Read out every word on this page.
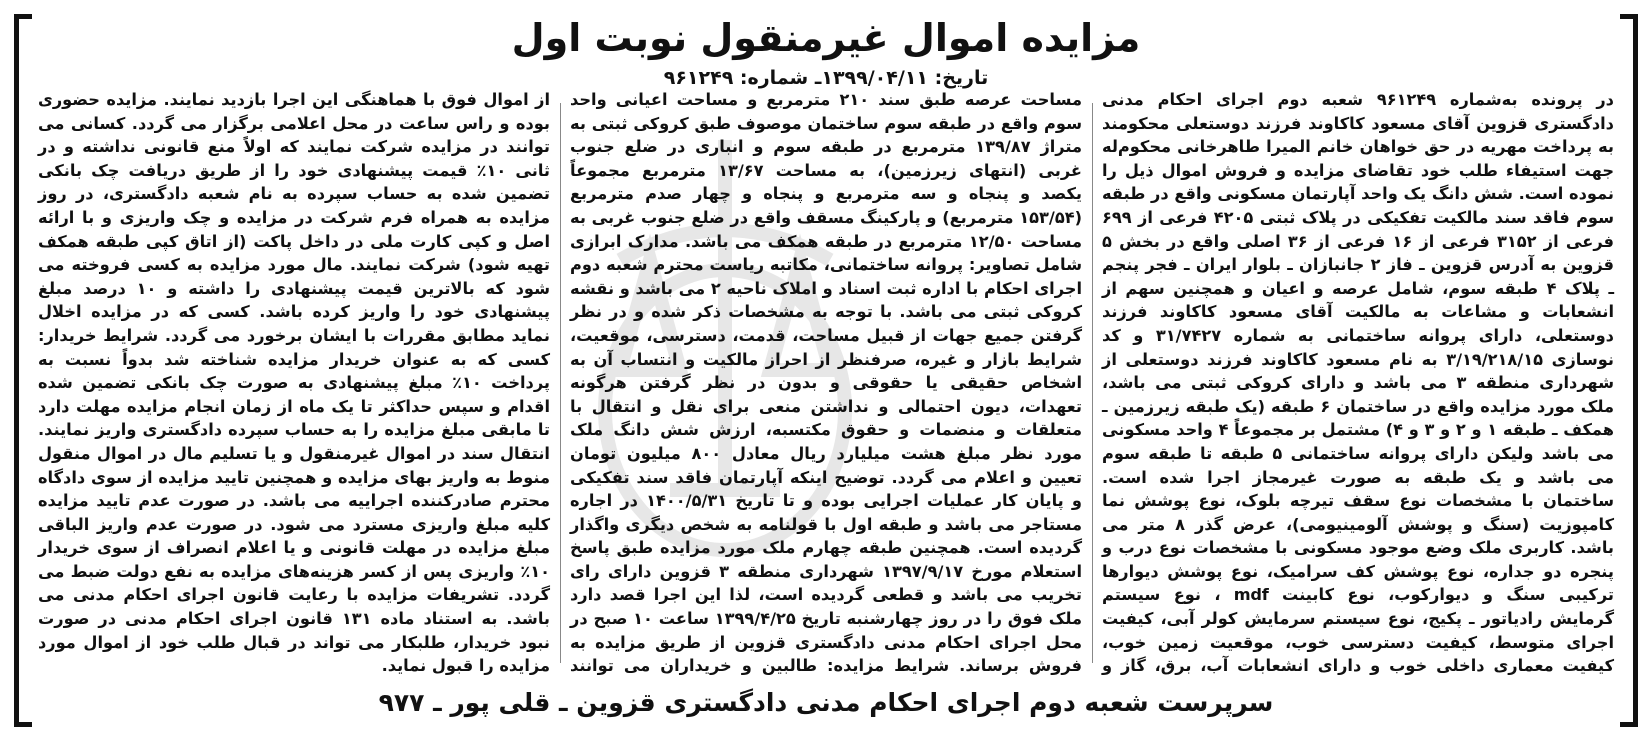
مزایده اموال غیرمنقول نوبت اول
تاریخ: ۱۳۹۹/۰۴/۱۱ـ شماره: ۹۶۱۲۴۹
در پرونده به‌شماره ۹۶۱۲۴۹ شعبه دوم اجرای احکام مدنی دادگستری قزوین آقای مسعود کاکاوند فرزند دوستعلی محکومند به پرداخت مهریه در حق خواهان خانم المیرا طاهرخانی محکوم‌له جهت استیفاء طلب خود تقاضای مزایده و فروش اموال ذیل را نموده است. شش دانگ یک واحد آپارتمان مسکونی واقع در طبقه سوم فاقد سند مالکیت تفکیکی در پلاک ثبتی ۴۲۰۵ فرعی از ۶۹۹ فرعی از ۳۱۵۲ فرعی از ۱۶ فرعی از ۳۶ اصلی واقع در بخش ۵ قزوین به آدرس قزوین ـ فاز ۲ جانبازان ـ بلوار ایران ـ فجر پنجم ـ پلاک ۴ طبقه سوم، شامل عرصه و اعیان و همچنین سهم از انشعابات و مشاعات به مالکیت آقای مسعود کاکاوند فرزند دوستعلی، دارای پروانه ساختمانی به شماره ۳۱/۷۴۲۷ و کد نوسازی ۳/۱۹/۲۱۸/۱۵ به نام مسعود کاکاوند فرزند دوستعلی از شهرداری منطقه ۳ می باشد و دارای کروکی ثبتی می باشد، ملک مورد مزایده واقع در ساختمان ۶ طبقه (یک طبقه زیرزمین ـ همکف ـ طبقه ۱ و ۲ و ۳ و ۴) مشتمل بر مجموعاً ۴ واحد مسکونی می باشد ولیکن دارای پروانه ساختمانی ۵ طبقه تا طبقه سوم می باشد و یک طبقه به صورت غیرمجاز اجرا شده است. ساختمان با مشخصات نوع سقف تیرچه بلوک، نوع پوشش نما کامپوزیت (سنگ و پوشش آلومینیومی)، عرض گذر ۸ متر می باشد. کاربری ملک وضع موجود مسکونی با مشخصات نوع درب و پنجره دو جداره، نوع پوشش کف سرامیک، نوع پوشش دیوارها ترکیبی سنگ و دیوارکوب، نوع کابینت mdf ، نوع سیستم گرمایش رادیاتور ـ پکیج، نوع سیستم سرمایش کولر آبی، کیفیت اجرای متوسط، کیفیت دسترسی خوب، موقعیت زمین خوب، کیفیت معماری داخلی خوب و دارای انشعابات آب، برق، گاز و
مساحت عرصه طبق سند ۲۱۰ مترمربع و مساحت اعیانی واحد سوم واقع در طبقه سوم ساختمان موصوف طبق کروکی ثبتی به متراژ ۱۳۹/۸۷ مترمربع در طبقه سوم و انباری در ضلع جنوب غربی (انتهای زیرزمین)، به مساحت ۱۳/۶۷ مترمربع مجموعاً یکصد و پنجاه و سه مترمربع و پنجاه و چهار صدم مترمربع (۱۵۳/۵۴ مترمربع) و پارکینگ مسقف واقع در ضلع جنوب غربی به مساحت ۱۲/۵۰ مترمربع در طبقه همکف می باشد. مدارک ابرازی شامل تصاویر: پروانه ساختمانی، مکاتبه ریاست محترم شعبه دوم اجرای احکام با اداره ثبت اسناد و املاک ناحیه ۲ می باشد و نقشه کروکی ثبتی می باشد. با توجه به مشخصات ذکر شده و در نظر گرفتن جمیع جهات از قبیل مساحت، قدمت، دسترسی، موقعیت، شرایط بازار و غیره، صرفنظر از احراز مالکیت و انتساب آن به اشخاص حقیقی یا حقوقی و بدون در نظر گرفتن هرگونه تعهدات، دیون احتمالی و نداشتن منعی برای نقل و انتقال با متعلقات و منضمات و حقوق مکتسبه، ارزش شش دانگ ملک مورد نظر مبلغ هشت میلیارد ریال معادل ۸۰۰ میلیون تومان تعیین و اعلام می گردد. توضیح اینکه آپارتمان فاقد سند تفکیکی و پایان کار عملیات اجرایی بوده و تا تاریخ ۱۴۰۰/۵/۳۱ در اجاره مستاجر می باشد و طبقه اول با قولنامه به شخص دیگری واگذار گردیده است. همچنین طبقه چهارم ملک مورد مزایده طبق پاسخ استعلام مورخ ۱۳۹۷/۹/۱۷ شهرداری منطقه ۳ قزوین دارای رای تخریب می باشد و قطعی گردیده است، لذا این اجرا قصد دارد ملک فوق را در روز چهارشنبه تاریخ ۱۳۹۹/۴/۲۵ ساعت ۱۰ صبح در محل اجرای احکام مدنی دادگستری قزوین از طریق مزایده به فروش برساند. شرایط مزایده: طالبین و خریداران می توانند
از اموال فوق با هماهنگی این اجرا بازدید نمایند. مزایده حضوری بوده و راس ساعت در محل اعلامی برگزار می گردد. کسانی می توانند در مزایده شرکت نمایند که اولاً منع قانونی نداشته و در ثانی ۱۰٪ قیمت پیشنهادی خود را از طریق دریافت چک بانکی تضمین شده به حساب سپرده به نام شعبه دادگستری، در روز مزایده به همراه فرم شرکت در مزایده و چک واریزی و با ارائه اصل و کپی کارت ملی در داخل پاکت (از اتاق کپی طبقه همکف تهیه شود) شرکت نمایند. مال مورد مزایده به کسی فروخته می شود که بالاترین قیمت پیشنهادی را داشته و ۱۰ درصد مبلغ پیشنهادی خود را واریز کرده باشد. کسی که در مزایده اخلال نماید مطابق مقررات با ایشان برخورد می گردد. شرایط خریدار: کسی که به عنوان خریدار مزایده شناخته شد بدواً نسبت به پرداخت ۱۰٪ مبلغ پیشنهادی به صورت چک بانکی تضمین شده اقدام و سپس حداکثر تا یک ماه از زمان انجام مزایده مهلت دارد تا مابقی مبلغ مزایده را به حساب سپرده دادگستری واریز نمایند. انتقال سند در اموال غیرمنقول و یا تسلیم مال در اموال منقول منوط به واریز بهای مزایده و همچنین تایید مزایده از سوی دادگاه محترم صادرکننده اجراییه می باشد. در صورت عدم تایید مزایده کلیه مبلغ واریزی مسترد می شود. در صورت عدم واریز الباقی مبلغ مزایده در مهلت قانونی و یا اعلام انصراف از سوی خریدار ۱۰٪ واریزی پس از کسر هزینه‌های مزایده به نفع دولت ضبط می گردد. تشریفات مزایده با رعایت قانون اجرای احکام مدنی می باشد. به استناد ماده ۱۳۱ قانون اجرای احکام مدنی در صورت نبود خریدار، طلبکار می تواند در قبال طلب خود از اموال مورد مزایده را قبول نماید.
سرپرست شعبه دوم اجرای احکام مدنی دادگستری قزوین ـ قلی پور ـ ۹۷۷
